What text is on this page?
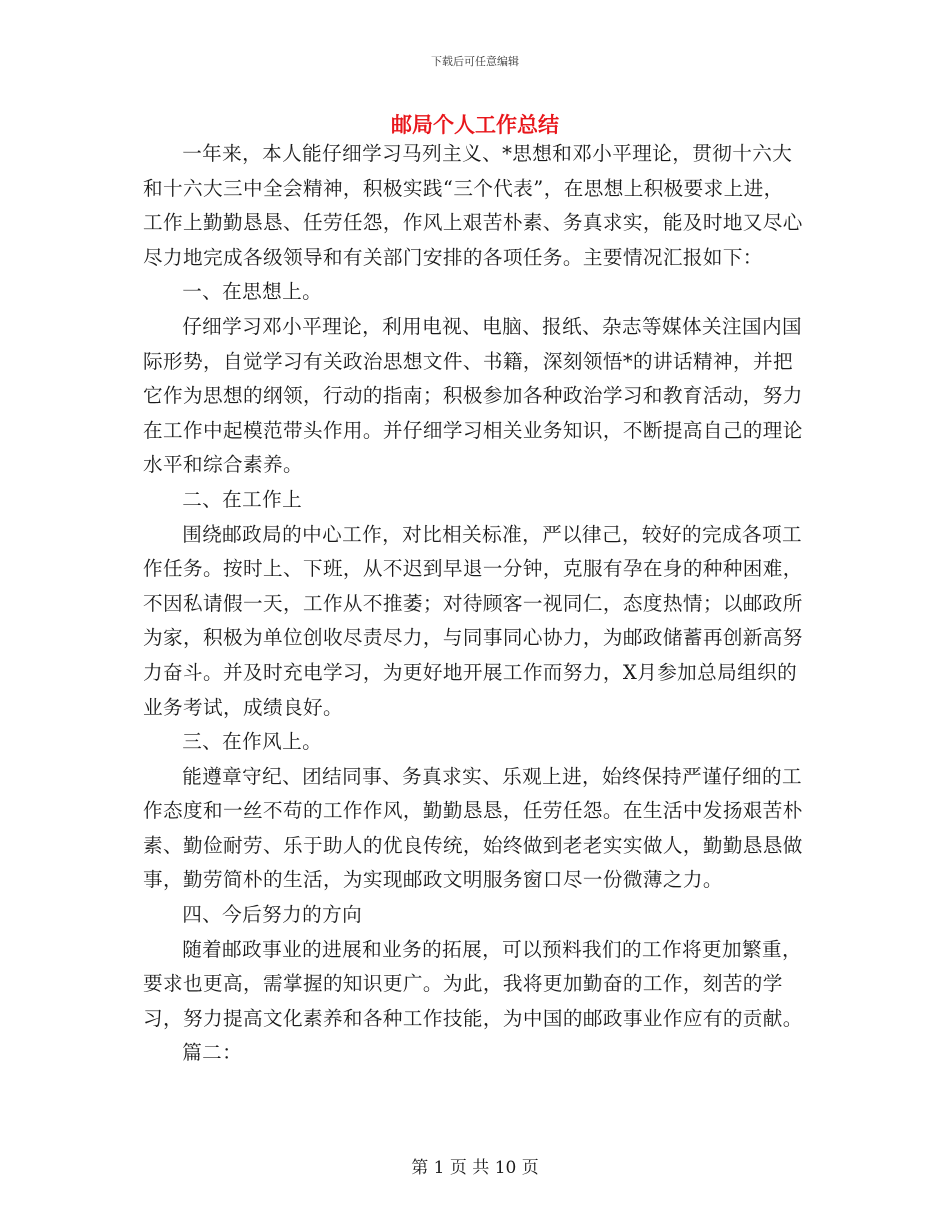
下载后可任意编辑
邮局个人工作总结

一年来，本人能仔细学习马列主义、*思想和邓小平理论，贯彻十六大和十六大三中全会精神，积极实践“三个代表”，在思想上积极要求上进，工作上勤勤恳恳、任劳任怨，作风上艰苦朴素、务真求实，能及时地又尽心尽力地完成各级领导和有关部门安排的各项任务。主要情况汇报如下：

一、在思想上。

仔细学习邓小平理论，利用电视、电脑、报纸、杂志等媒体关注国内国际形势，自觉学习有关政治思想文件、书籍，深刻领悟*的讲话精神，并把它作为思想的纲领，行动的指南；积极参加各种政治学习和教育活动，努力在工作中起模范带头作用。并仔细学习相关业务知识，不断提高自己的理论水平和综合素养。

二、在工作上

围绕邮政局的中心工作，对比相关标准，严以律己，较好的完成各项工作任务。按时上、下班，从不迟到早退一分钟，克服有孕在身的种种困难，不因私请假一天，工作从不推萎；对待顾客一视同仁，态度热情；以邮政所为家，积极为单位创收尽责尽力，与同事同心协力，为邮政储蓄再创新高努力奋斗。并及时充电学习，为更好地开展工作而努力，X月参加总局组织的业务考试，成绩良好。

三、在作风上。

能遵章守纪、团结同事、务真求实、乐观上进，始终保持严谨仔细的工作态度和一丝不苟的工作作风，勤勤恳恳，任劳任怨。在生活中发扬艰苦朴素、勤俭耐劳、乐于助人的优良传统，始终做到老老实实做人，勤勤恳恳做事，勤劳简朴的生活，为实现邮政文明服务窗口尽一份微薄之力。

四、今后努力的方向

随着邮政事业的进展和业务的拓展，可以预料我们的工作将更加繁重，要求也更高，需掌握的知识更广。为此，我将更加勤奋的工作，刻苦的学习，努力提高文化素养和各种工作技能，为中国的邮政事业作应有的贡献。

篇二：

第 1 页 共 10 页
